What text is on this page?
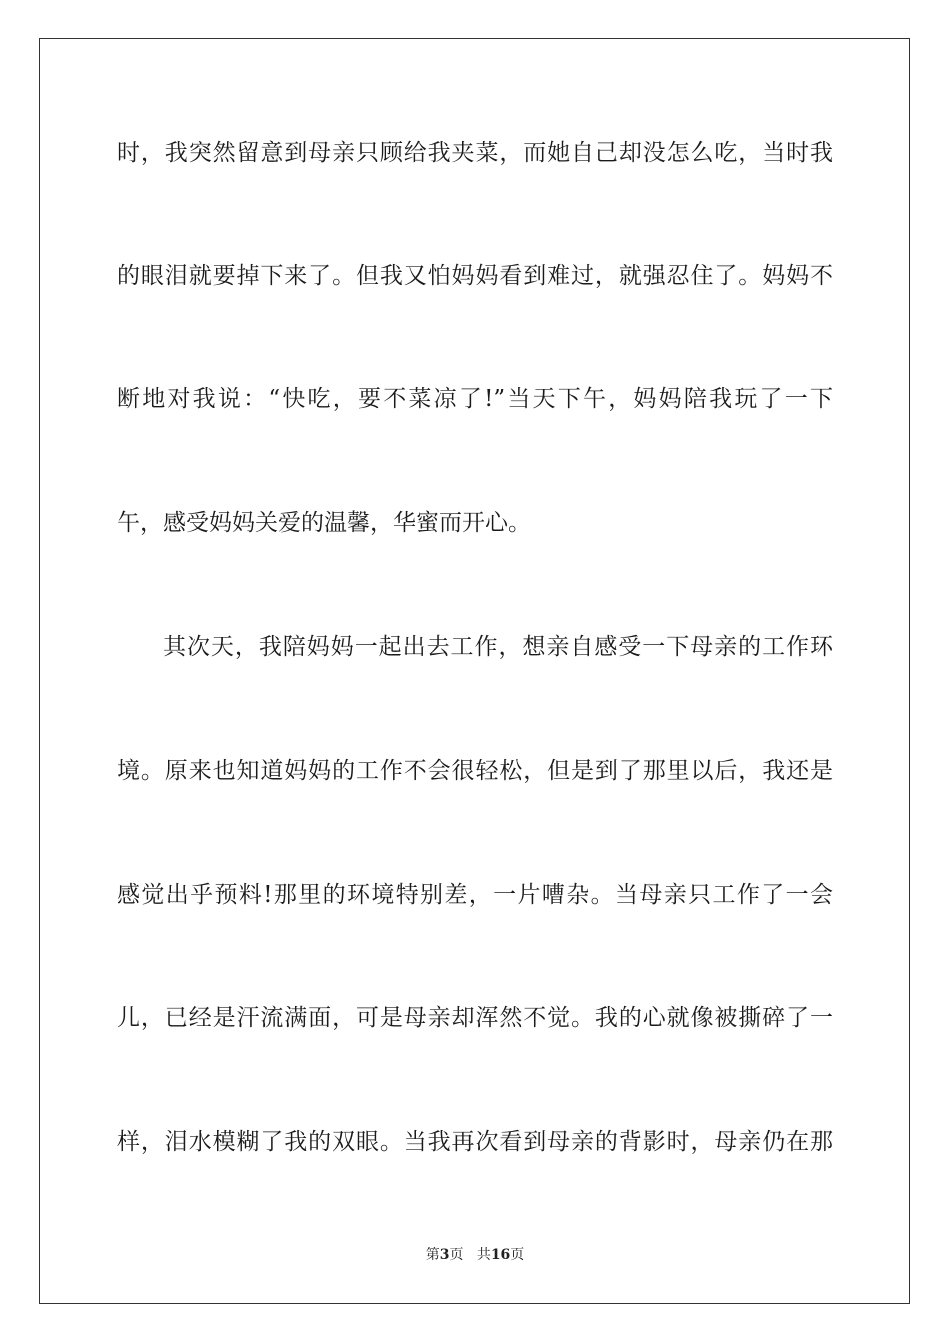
时，我突然留意到母亲只顾给我夹菜，而她自己却没怎么吃，当时我
的眼泪就要掉下来了。但我又怕妈妈看到难过，就强忍住了。妈妈不
断地对我说：“快吃，要不菜凉了!”当天下午，妈妈陪我玩了一下
午，感受妈妈关爱的温馨，华蜜而开心。
其次天，我陪妈妈一起出去工作，想亲自感受一下母亲的工作环
境。原来也知道妈妈的工作不会很轻松，但是到了那里以后，我还是
感觉出乎预料!那里的环境特别差，一片嘈杂。当母亲只工作了一会
儿，已经是汗流满面，可是母亲却浑然不觉。我的心就像被撕碎了一
样，泪水模糊了我的双眼。当我再次看到母亲的背影时，母亲仍在那
第3页 共16页
